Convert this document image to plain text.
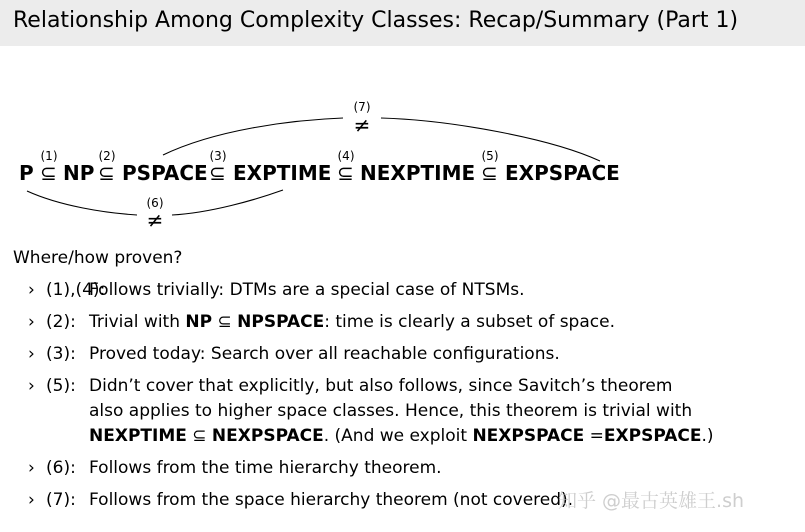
Relationship Among Complexity Classes: Recap/Summary (Part 1)
(7)
≠
P ⊆
(1)
NP ⊆
(2)
PSPACE ⊆
(3)
EXPTIME ⊆
(4)
NEXPTIME ⊆
(5)
EXPSPACE
(6)
≠
Where/how proven?
› (1),(4):
Follows trivially: DTMs are a special case of NTSMs.
› (2): Trivial with NP ⊆ NPSPACE: time is clearly a subset of space.
› (3): Proved today: Search over all reachable configurations.
› (5): Didn’t cover that explicitly, but also follows, since Savitch’s theorem
also applies to higher space classes. Hence, this theorem is trivial with
NEXPTIME ⊆ NEXPSPACE. (And we exploit NEXPSPACE =EXPSPACE.)
› (6): Follows from the time hierarchy theorem.
› (7): Follows from the space hierarchy theorem (not covered).
知乎 @最古英雄王.sh
